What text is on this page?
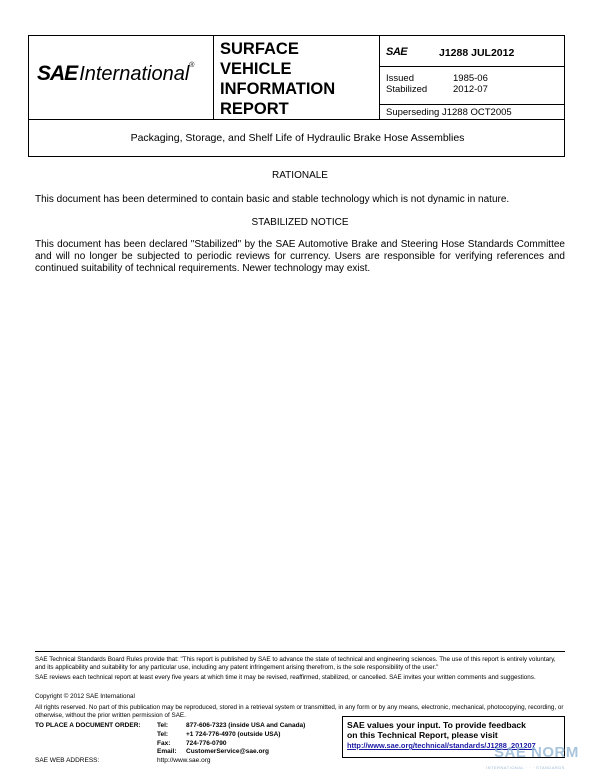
SAE International®
SURFACE VEHICLE INFORMATION REPORT
SAE	J1288 JUL2012
Issued	1985-06
Stabilized	2012-07
Superseding J1288 OCT2005
Packaging, Storage, and Shelf Life of Hydraulic Brake Hose Assemblies
RATIONALE
This document has been determined to contain basic and stable technology which is not dynamic in nature.
STABILIZED NOTICE
This document has been declared "Stabilized" by the SAE Automotive Brake and Steering Hose Standards Committee and will no longer be subjected to periodic reviews for currency. Users are responsible for verifying references and continued suitability of technical requirements. Newer technology may exist.
SAE Technical Standards Board Rules provide that: "This report is published by SAE to advance the state of technical and engineering sciences. The use of this report is entirely voluntary, and its applicability and suitability for any particular use, including any patent infringement arising therefrom, is the sole responsibility of the user."
SAE reviews each technical report at least every five years at which time it may be revised, reaffirmed, stabilized, or cancelled. SAE invites your written comments and suggestions.
Copyright © 2012 SAE International
All rights reserved. No part of this publication may be reproduced, stored in a retrieval system or transmitted, in any form or by any means, electronic, mechanical, photocopying, recording, or otherwise, without the prior written permission of SAE.
TO PLACE A DOCUMENT ORDER:	Tel:	877-606-7323 (inside USA and Canada)
Tel:	+1 724-776-4970 (outside USA)
Fax: 724-776-0790
Email: CustomerService@sae.org
SAE WEB ADDRESS:	http://www.sae.org
SAE values your input. To provide feedback
on this Technical Report, please visit
http://www.sae.org/technical/standards/J1288_201207
SAE NORM
INTERNATIONAL · · · STANDARDS
